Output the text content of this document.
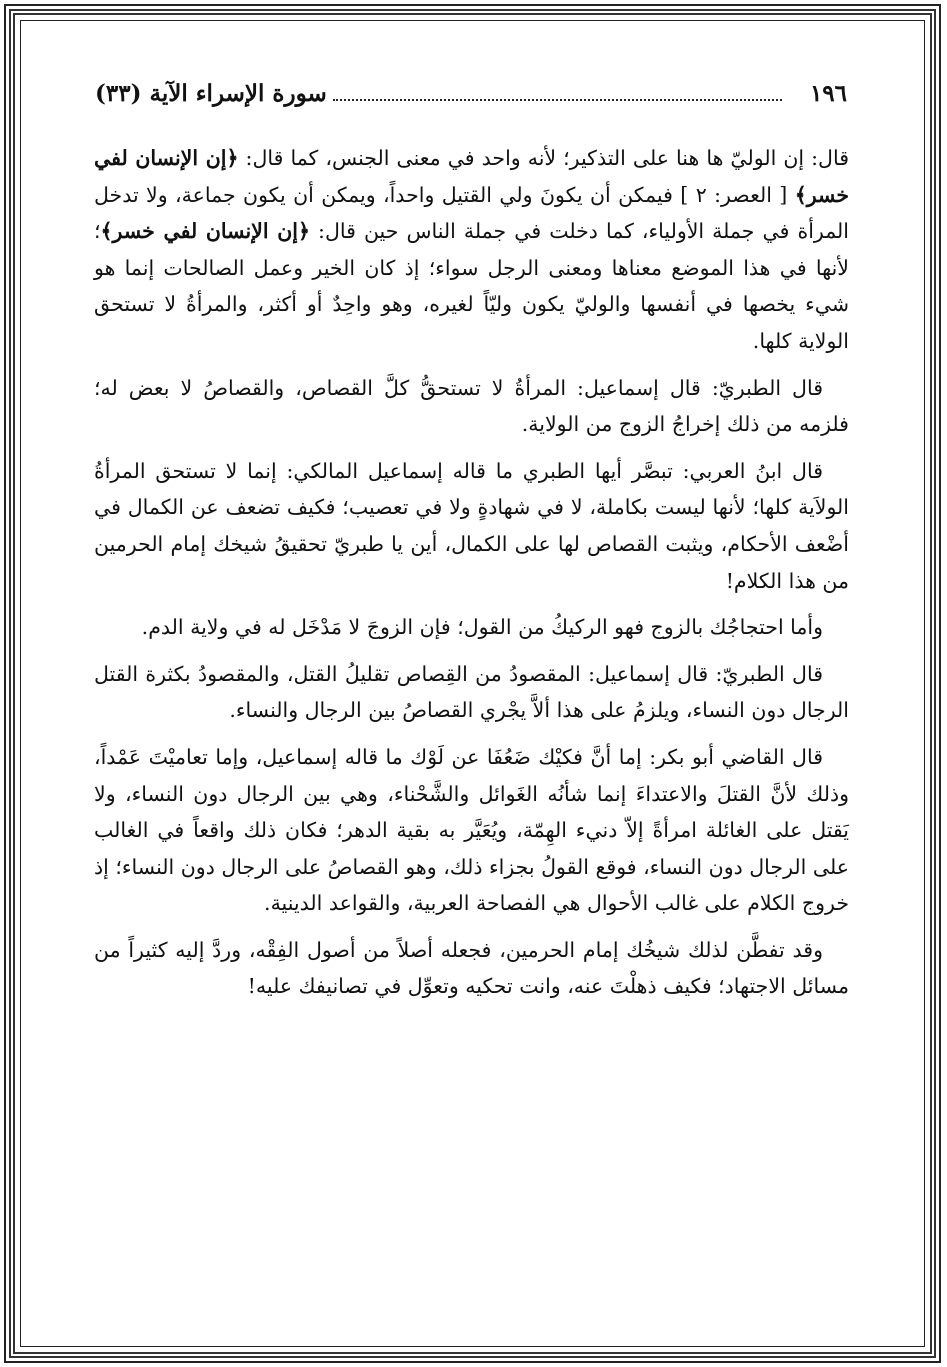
١٩٦
سورة الإسراء الآية (٣٣)

قال: إن الوليّ ها هنا على التذكير؛ لأنه واحد في معنى الجنس، كما قال: ﴿إن الإنسان لفي خسر﴾ [ العصر: ٢ ] فيمكن أن يكونَ ولي القتيل واحداً، ويمكن أن يكون جماعة، ولا تدخل المرأة في جملة الأولياء، كما دخلت في جملة الناس حين قال: ﴿إن الإنسان لفي خسر﴾؛ لأنها في هذا الموضع معناها ومعنى الرجل سواء؛ إذ كان الخير وعمل الصالحات إنما هو شيء يخصها في أنفسها والوليّ يكون وليّاً لغيره، وهو واحِدٌ أو أكثر، والمرأةُ لا تستحق الولاية كلها.

قال الطبريّ: قال إسماعيل: المرأةُ لا تستحقُّ كلَّ القصاص، والقصاصُ لا بعض له؛ فلزمه من ذلك إخراجُ الزوج من الولاية.

قال ابنُ العربي: تبصَّر أيها الطبري ما قاله إسماعيل المالكي: إنما لا تستحق المرأةُ الولاَية كلها؛ لأنها ليست بكاملة، لا في شهادةٍ ولا في تعصيب؛ فكيف تضعف عن الكمال في أضْعف الأحكام، ويثبت القصاص لها على الكمال، أين يا طبريّ تحقيقُ شيخك إمام الحرمين من هذا الكلام!

وأما احتجاجُك بالزوج فهو الركيكُ من القول؛ فإن الزوجَ لا مَدْخَل له في ولاية الدم.

قال الطبريّ: قال إسماعيل: المقصودُ من القِصاص تقليلُ القتل، والمقصودُ بكثرة القتل الرجال دون النساء، ويلزمُ على هذا ألاَّ يجْري القصاصُ بين الرجال والنساء.

قال القاضي أبو بكر: إما أنَّ فكيْك ضَعُفَا عن لَوْك ما قاله إسماعيل، وإما تعاميْتَ عَمْداً، وذلك لأنَّ القتلَ والاعتداءَ إنما شأنُه الغَوائل والشَّحْناء، وهي بين الرجال دون النساء، ولا يَقتل على الغائلة امرأةً إلاّ دنيء الهِمّة، ويُعَيَّر به بقية الدهر؛ فكان ذلك واقعاً في الغالب على الرجال دون النساء، فوقع القولُ بجزاء ذلك، وهو القصاصُ على الرجال دون النساء؛ إذ خروج الكلام على غالب الأحوال هي الفصاحة العربية، والقواعد الدينية.

وقد تفطَّن لذلك شيخُك إمام الحرمين، فجعله أصلاً من أصول الفِقْه، وردَّ إليه كثيراً من مسائل الاجتهاد؛ فكيف ذهلْتَ عنه، وانت تحكيه وتعوِّل في تصانيفك عليه!
